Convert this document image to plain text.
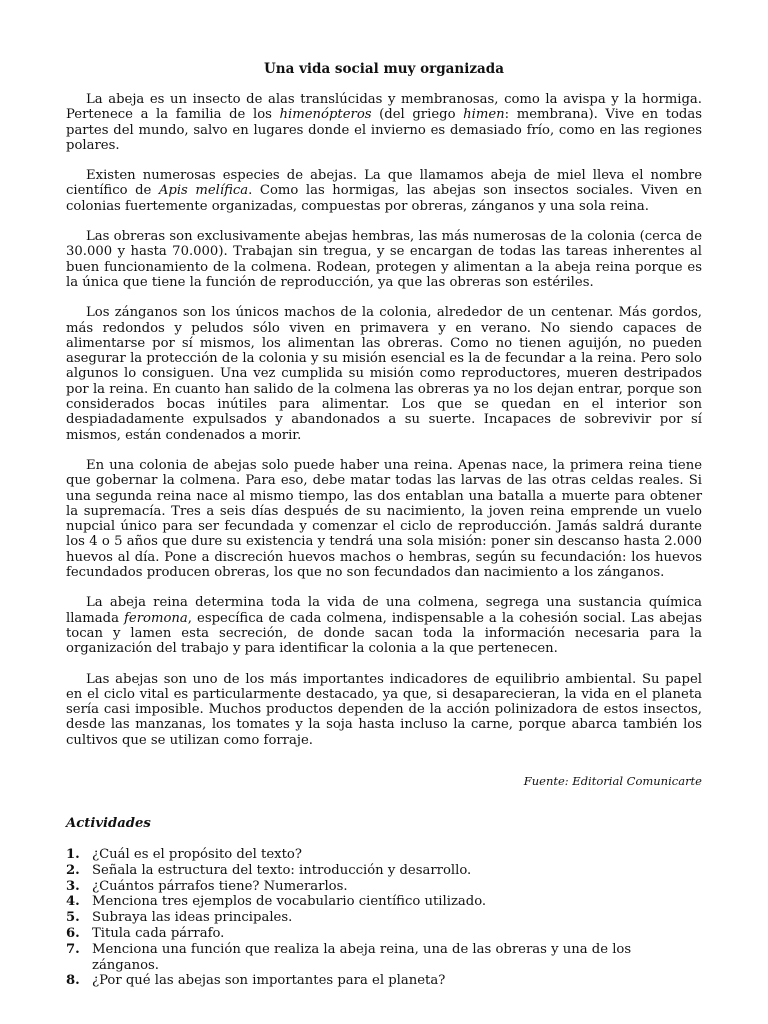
Una vida social muy organizada

La abeja es un insecto de alas translúcidas y membranosas, como la avispa y la hormiga. Pertenece a la familia de los himenópteros (del griego himen: membrana). Vive en todas partes del mundo, salvo en lugares donde el invierno es demasiado frío, como en las regiones polares.

Existen numerosas especies de abejas. La que llamamos abeja de miel lleva el nombre científico de Apis melífica. Como las hormigas, las abejas son insectos sociales. Viven en colonias fuertemente organizadas, compuestas por obreras, zánganos y una sola reina.

Las obreras son exclusivamente abejas hembras, las más numerosas de la colonia (cerca de 30.000 y hasta 70.000). Trabajan sin tregua, y se encargan de todas las tareas inherentes al buen funcionamiento de la colmena. Rodean, protegen y alimentan a la abeja reina porque es la única que tiene la función de reproducción, ya que las obreras son estériles.

Los zánganos son los únicos machos de la colonia, alrededor de un centenar. Más gordos, más redondos y peludos sólo viven en primavera y en verano. No siendo capaces de alimentarse por sí mismos, los alimentan las obreras. Como no tienen aguijón, no pueden asegurar la protección de la colonia y su misión esencial es la de fecundar a la reina. Pero solo algunos lo consiguen. Una vez cumplida su misión como reproductores, mueren destripados por la reina. En cuanto han salido de la colmena las obreras ya no los dejan entrar, porque son considerados bocas inútiles para alimentar. Los que se quedan en el interior son despiadadamente expulsados y abandonados a su suerte. Incapaces de sobrevivir por sí mismos, están condenados a morir.

En una colonia de abejas solo puede haber una reina. Apenas nace, la primera reina tiene que gobernar la colmena. Para eso, debe matar todas las larvas de las otras celdas reales. Si una segunda reina nace al mismo tiempo, las dos entablan una batalla a muerte para obtener la supremacía. Tres a seis días después de su nacimiento, la joven reina emprende un vuelo nupcial único para ser fecundada y comenzar el ciclo de reproducción. Jamás saldrá durante los 4 o 5 años que dure su existencia y tendrá una sola misión: poner sin descanso hasta 2.000 huevos al día. Pone a discreción huevos machos o hembras, según su fecundación: los huevos fecundados producen obreras, los que no son fecundados dan nacimiento a los zánganos.

La abeja reina determina toda la vida de una colmena, segrega una sustancia química llamada feromona, específica de cada colmena, indispensable a la cohesión social. Las abejas tocan y lamen esta secreción, de donde sacan toda la información necesaria para la organización del trabajo y para identificar la colonia a la que pertenecen.

Las abejas son uno de los más importantes indicadores de equilibrio ambiental. Su papel en el ciclo vital es particularmente destacado, ya que, si desaparecieran, la vida en el planeta sería casi imposible. Muchos productos dependen de la acción polinizadora de estos insectos, desde las manzanas, los tomates y la soja hasta incluso la carne, porque abarca también los cultivos que se utilizan como forraje.

Fuente: Editorial Comunicarte

Actividades

1. ¿Cuál es el propósito del texto?
2. Señala la estructura del texto: introducción y desarrollo.
3. ¿Cuántos párrafos tiene? Numerarlos.
4. Menciona tres ejemplos de vocabulario científico utilizado.
5. Subraya las ideas principales.
6. Titula cada párrafo.
7. Menciona una función que realiza la abeja reina, una de las obreras y una de los zánganos.
8. ¿Por qué las abejas son importantes para el planeta?
